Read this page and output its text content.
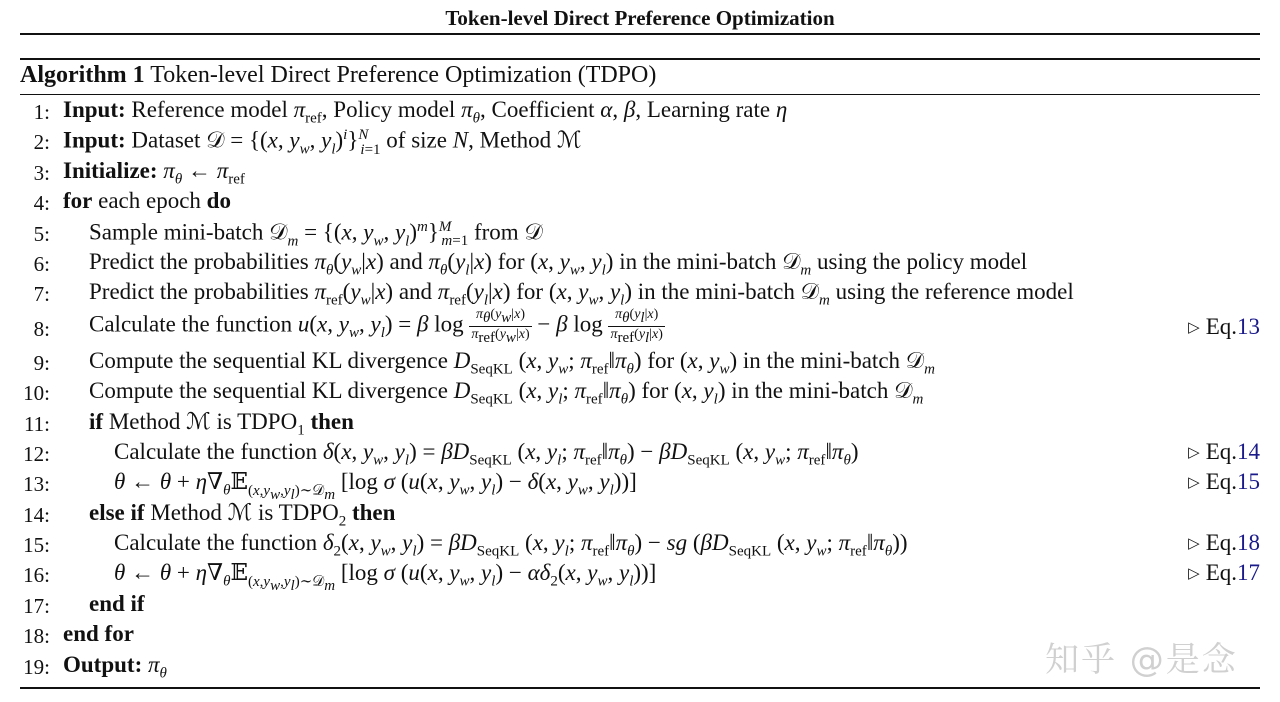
Token-level Direct Preference Optimization
Algorithm 1 Token-level Direct Preference Optimization (TDPO)
1: Input: Reference model $\pi_{ref}$, Policy model $\pi_\theta$, Coefficient α, β, Learning rate η
2: Input: Dataset 𝒟 = {(x, $y_w$, $y_l)^i\}^N_{i=1}$ of size N, Method ℳ
3: Initialize: $\pi_\theta$ ← $\pi_{ref}$
4: for each epoch do
5: Sample mini-batch 𝒟$_m$ = {(x, $y_w$, $y_l)^m\}^M_{m=1}$ from 𝒟
6: Predict the probabilities $\pi_\theta(y_w|x)$ and $\pi_\theta(y_l|x)$ for (x, $y_w$, $y_l$) in the mini-batch 𝒟$_m$ using the policy model
7: Predict the probabilities $\pi_{ref}(y_w|x)$ and $\pi_{ref}(y_l|x)$ for (x, $y_w$, $y_l$) in the mini-batch 𝒟$_m$ using the reference model
8: Calculate the function u(x, $y_w$, $y_l) = \beta$ $\log \frac{\pi_\theta(y_w|x)}{\pi_{ref}(y_w|x)} - \beta$ $\log \frac{\pi_\theta(y_l|x)}{\pi_{ref}(y_l|x)}$	▷ Eq.13
9: Compute the sequential KL divergence $D_{SeqKL}$ (x, $y_w$; $\pi_{ref}‖\pi_\theta$) for (x, $y_w$) in the mini-batch 𝒟$_m$
10: Compute the sequential KL divergence $D_{SeqKL}$ (x, $y_l$; $\pi_{ref}‖\pi_\theta$) for (x, $y_l$) in the mini-batch 𝒟$_m$
11: if Method ℳ is $TDPO_1$ then
12:	Calculate the function δ(x, $y_w$, $y_l) = \beta D_{SeqKL}$ (x, $y_l$; $\pi_{ref}‖\pi_\theta) - \beta D_{SeqKL}$ (x, $y_w$; $\pi_{ref}‖\pi_\theta$)	▷ Eq.14
13:	θ ← $\theta + \eta\nabla_\theta 𝔼_{(x,y_w,y_l)\sim 𝒟_m}$ [log σ (u(x, $y_w$, $y_l) - \delta(x$, $y_w$, $y_l$))]	▷ Eq.15
14: else if Method ℳ is $TDPO_2$ then
15:	Calculate the function $\delta_2(x$, $y_w$, $y_l) = \beta D_{SeqKL}$ (x, $y_l$; $\pi_{ref}‖\pi_\theta$) − sg ($\beta D_{SeqKL}$ (x, $y_w$; $\pi_{ref}‖\pi_\theta$))	▷ Eq.18
16:	θ ← $\theta + \eta\nabla_\theta 𝔼_{(x,y_w,y_l)\sim 𝒟_m}$ [log σ (u(x, $y_w$, $y_l) - \alpha\delta_2(x$, $y_w$, $y_l$))]	▷ Eq.17
17: end if
18: end for
19: Output: $\pi_\theta$	知乎 @是念
